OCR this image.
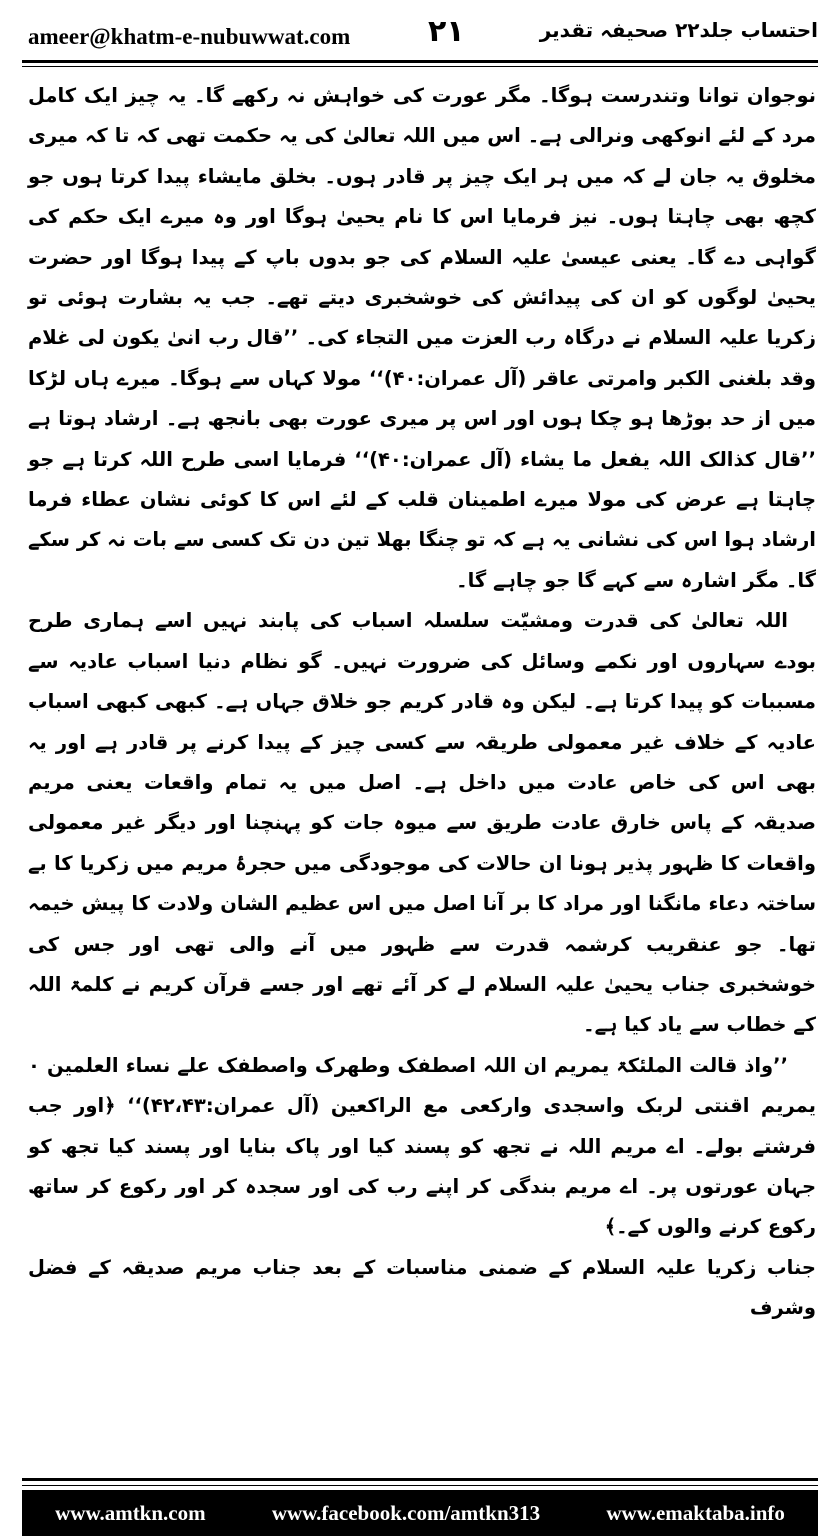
ameer@khatm-e-nubuwwat.com	۲۱	احتساب جلد۲۲ صحیفہ تقدیر

نوجوان توانا وتندرست ہوگا۔ مگر عورت کی خواہش نہ رکھے گا۔ یہ چیز ایک کامل مرد کے لئے انوکھی ونرالی ہے۔ اس میں اللہ تعالیٰ کی یہ حکمت تھی کہ تا کہ میری مخلوق یہ جان لے کہ میں ہر ایک چیز پر قادر ہوں۔ بخلق مایشاء پیدا کرتا ہوں جو کچھ بھی چاہتا ہوں۔ نیز فرمایا اس کا نام یحییٰ ہوگا اور وہ میرے ایک حکم کی گواہی دے گا۔ یعنی عیسیٰ علیہ السلام کی جو بدوں باپ کے پیدا ہوگا اور حضرت یحییٰ لوگوں کو ان کی پیدائش کی خوشخبری دیتے تھے۔ جب یہ بشارت ہوئی تو زکریا علیہ السلام نے درگاہ رب العزت میں التجاء کی۔ ’’قال رب انیٰ یکون لی غلام وقد بلغنی الکبر وامرتی عاقر (آل عمران:۴۰)‘‘ مولا کہاں سے ہوگا۔ میرے ہاں لڑکا میں از حد بوڑھا ہو چکا ہوں اور اس پر میری عورت بھی بانجھ ہے۔ ارشاد ہوتا ہے ’’قال کذالک اللہ یفعل ما یشاء (آل عمران:۴۰)‘‘ فرمایا اسی طرح اللہ کرتا ہے جو چاہتا ہے عرض کی مولا میرے اطمینان قلب کے لئے اس کا کوئی نشان عطاء فرما ارشاد ہوا اس کی نشانی یہ ہے کہ تو چنگا بھلا تین دن تک کسی سے بات نہ کر سکے گا۔ مگر اشارہ سے کہے گا جو چاہے گا۔

اللہ تعالیٰ کی قدرت ومشیّت سلسلہ اسباب کی پابند نہیں اسے ہماری طرح بودے سہاروں اور نکمے وسائل کی ضرورت نہیں۔ گو نظام دنیا اسباب عادیہ سے مسببات کو پیدا کرتا ہے۔ لیکن وہ قادر کریم جو خلاق جہاں ہے۔ کبھی کبھی اسباب عادیہ کے خلاف غیر معمولی طریقہ سے کسی چیز کے پیدا کرنے پر قادر ہے اور یہ بھی اس کی خاص عادت میں داخل ہے۔ اصل میں یہ تمام واقعات یعنی مریم صدیقہ کے پاس خارق عادت طریق سے میوہ جات کو پہنچنا اور دیگر غیر معمولی واقعات کا ظہور پذیر ہونا ان حالات کی موجودگی میں حجرۂ مریم میں زکریا کا بے ساختہ دعاء مانگنا اور مراد کا بر آنا اصل میں اس عظیم الشان ولادت کا پیش خیمہ تھا۔ جو عنقریب کرشمہ قدرت سے ظہور میں آنے والی تھی اور جس کی خوشخبری جناب یحییٰ علیہ السلام لے کر آئے تھے اور جسے قرآن کریم نے کلمۃ اللہ کے خطاب سے یاد کیا ہے۔

’’واذ قالت الملئکۃ یمریم ان اللہ اصطفک وطھرک واصطفک علے نساء العلمین ۰ یمریم اقنتی لربک واسجدی وارکعی مع الراکعین (آل عمران:۴۲،۴۳)‘‘ ﴿اور جب فرشتے بولے۔ اے مریم اللہ نے تجھ کو پسند کیا اور پاک بنایا اور پسند کیا تجھ کو جہان عورتوں پر۔ اے مریم بندگی کر اپنے رب کی اور سجدہ کر اور رکوع کر ساتھ رکوع کرنے والوں کے۔﴾

جناب زکریا علیہ السلام کے ضمنی مناسبات کے بعد جناب مریم صدیقہ کے فضل وشرف

www.amtkn.com	www.facebook.com/amtkn313	www.emaktaba.info
